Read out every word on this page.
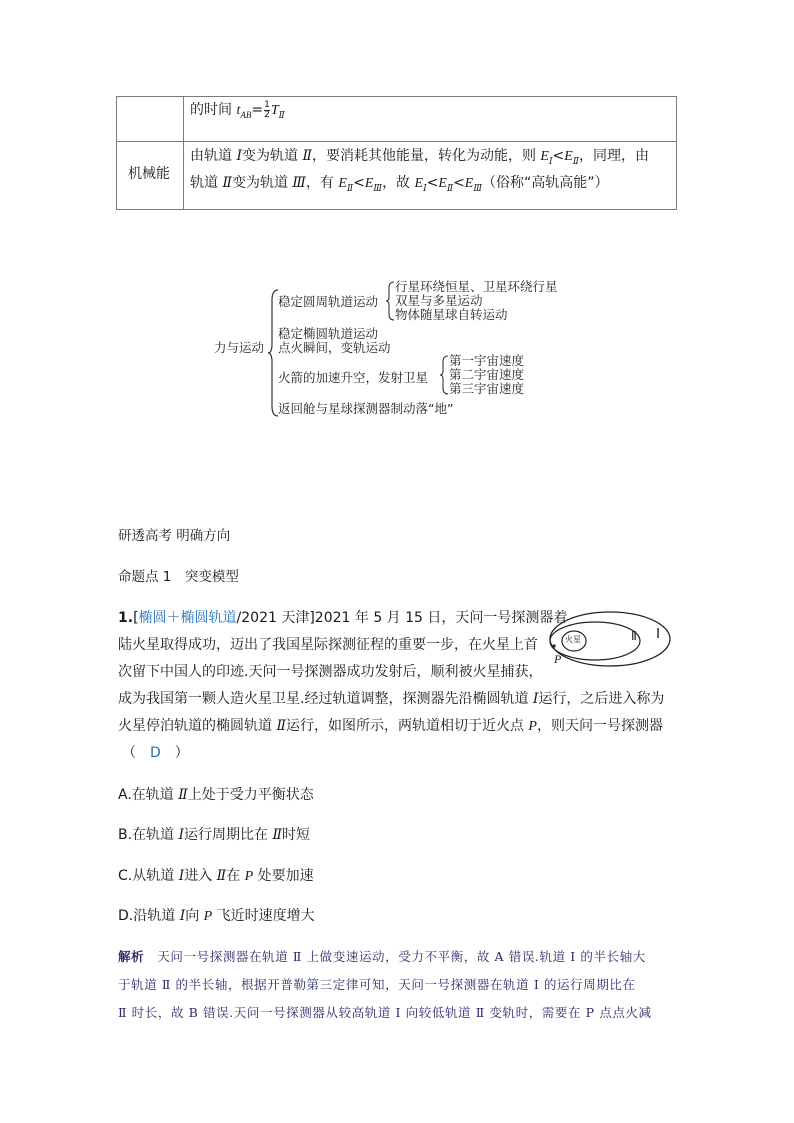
的时间 $t_{AB}= \frac{1}{2} T_Ⅱ$
机械能
由轨道 Ⅰ变为轨道 Ⅱ，要消耗其他能量，转化为动能，则 $E_Ⅰ<E_Ⅱ$，同理，由
轨道 Ⅱ变为轨道 Ⅲ，有 $E_Ⅱ<E_Ⅲ$，故 $E_Ⅰ<E_Ⅱ<E_Ⅲ$（俗称“高轨高能”）
力与运动
稳定圆周轨道运动
行星环绕恒星、卫星环绕行星
双星与多星运动
物体随星球自转运动
稳定椭圆轨道运动
点火瞬间，变轨运动
火箭的加速升空，发射卫星
第一宇宙速度
第二宇宙速度
第三宇宙速度
返回舱与星球探测器制动落“地”
研透高考 明确方向
命题点 1　突变模型
1.[椭圆＋椭圆轨道/2021 天津]2021 年 5 月 15 日，天问一号探测器着
陆火星取得成功，迈出了我国星际探测征程的重要一步，在火星上首
次留下中国人的印迹.天问一号探测器成功发射后，顺利被火星捕获，
成为我国第一颗人造火星卫星.经过轨道调整，探测器先沿椭圆轨道 Ⅰ运行，之后进入称为
火星停泊轨道的椭圆轨道 Ⅱ运行，如图所示，两轨道相切于近火点 P，则天问一号探测器
（　D　）
火星	Ⅱ Ⅰ
P
A.在轨道 Ⅱ上处于受力平衡状态
B.在轨道 Ⅰ运行周期比在 Ⅱ时短
C.从轨道 Ⅰ进入 Ⅱ在 P 处要加速
D.沿轨道 Ⅰ向 P 飞近时速度增大
解析　 天问一号探测器在轨道 Ⅱ 上做变速运动，受力不平衡，故 A 错误.轨道 Ⅰ 的半长轴大
于轨道 Ⅱ 的半长轴，根据开普勒第三定律可知，天问一号探测器在轨道 Ⅰ 的运行周期比在
Ⅱ 时长，故 B 错误.天问一号探测器从较高轨道 Ⅰ 向较低轨道 Ⅱ 变轨时，需要在 P 点点火减
